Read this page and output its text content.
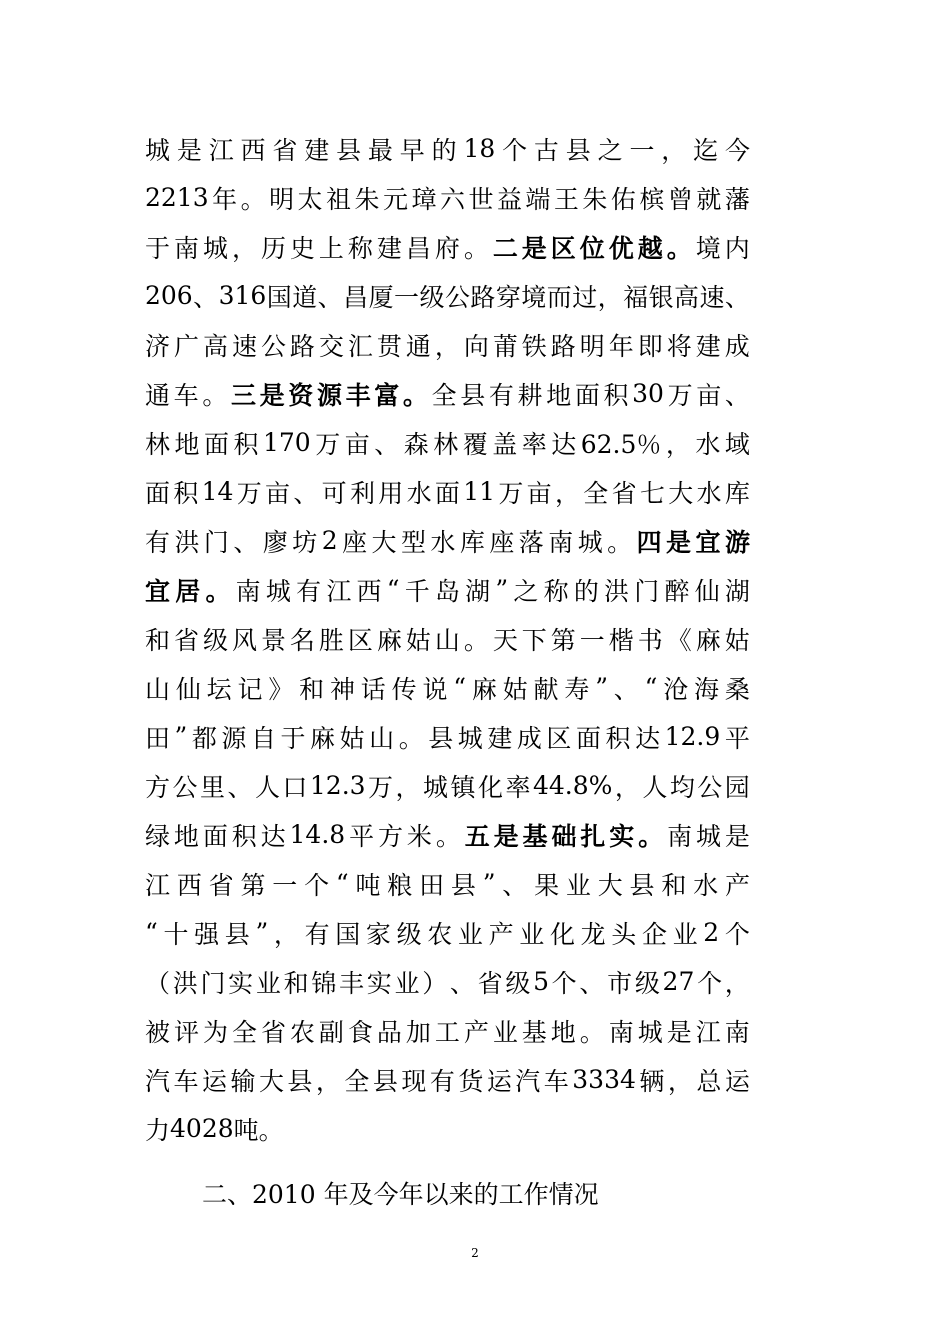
城 是 江 西 省 建 县 最 早 的 18 个 古 县 之 一 ， 迄 今
2213 年 。 明 太 祖 朱 元 璋 六 世 益 端 王 朱 佑 槟 曾 就 藩
于 南 城 ， 历 史 上 称 建 昌 府 。 二 是 区 位 优 越 。 境 内
206 、 316 国 道 、 昌 厦 一 级 公 路 穿 境 而 过 ， 福 银 高 速 、
济 广 高 速 公 路 交 汇 贯 通 ， 向 莆 铁 路 明 年 即 将 建 成
通 车 。 三 是 资 源 丰 富 。 全 县 有 耕 地 面 积 30 万 亩 、
林 地 面 积 170 万 亩 、 森 林 覆 盖 率 达 62.5％ ， 水 域
面 积 14 万 亩 、 可 利 用 水 面 11 万 亩 ， 全 省 七 大 水 库
有 洪 门 、 廖 坊 2 座 大 型 水 库 座 落 南 城 。 四 是 宜 游
宜 居 。 南 城 有 江 西 “ 千 岛 湖 ” 之 称 的 洪 门 醉 仙 湖
和 省 级 风 景 名 胜 区 麻 姑 山 。 天 下 第 一 楷 书 《 麻 姑
山 仙 坛 记 》 和 神 话 传 说 “ 麻 姑 献 寿 ” 、 “ 沧 海 桑
田 ” 都 源 自 于 麻 姑 山 。 县 城 建 成 区 面 积 达 12.9 平
方 公 里 、 人 口 12.3 万 ， 城 镇 化 率 44.8% ， 人 均 公 园
绿 地 面 积 达 14.8 平 方 米 。 五 是 基 础 扎 实 。 南 城 是
江 西 省 第 一 个 “ 吨 粮 田 县 ” 、 果 业 大 县 和 水 产
“ 十 强 县 ” ， 有 国 家 级 农 业 产 业 化 龙 头 企 业 2 个
（ 洪 门 实 业 和 锦 丰 实 业 ） 、 省 级 5 个 、 市 级 27 个 ，
被 评 为 全 省 农 副 食 品 加 工 产 业 基 地 。 南 城 是 江 南
汽 车 运 输 大 县 ， 全 县 现 有 货 运 汽 车 3334 辆 ， 总 运
力 4028 吨 。
二、2010 年及今年以来的工作情况
2
